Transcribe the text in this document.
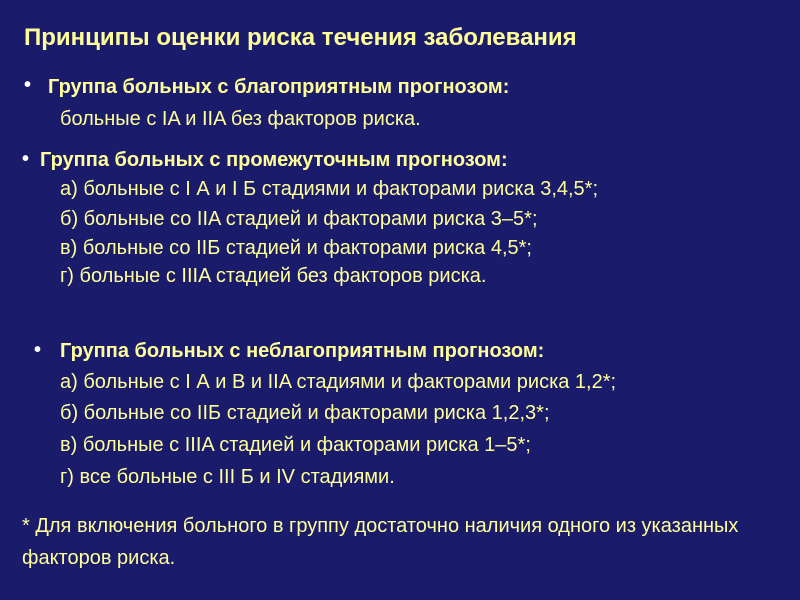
Принципы оценки риска течения заболевания
• Группа больных с благоприятным прогнозом:
больные с IA и IIA без факторов риска.
• Группа больных с промежуточным прогнозом:
а) больные с I А и I Б стадиями и факторами риска 3,4,5*;
б) больные со IIA стадией и факторами риска 3–5*;
в) больные со IIБ стадией и факторами риска 4,5*;
г) больные с IIIA стадией без факторов риска.
• Группа больных с неблагоприятным прогнозом:
а) больные с I А и В и IIA стадиями и факторами риска 1,2*;
б) больные со IIБ стадией и факторами риска 1,2,3*;
в) больные с IIIA стадией и факторами риска 1–5*;
г) все больные с III Б и IV стадиями.
* Для включения больного в группу достаточно наличия одного из указанных факторов риска.
